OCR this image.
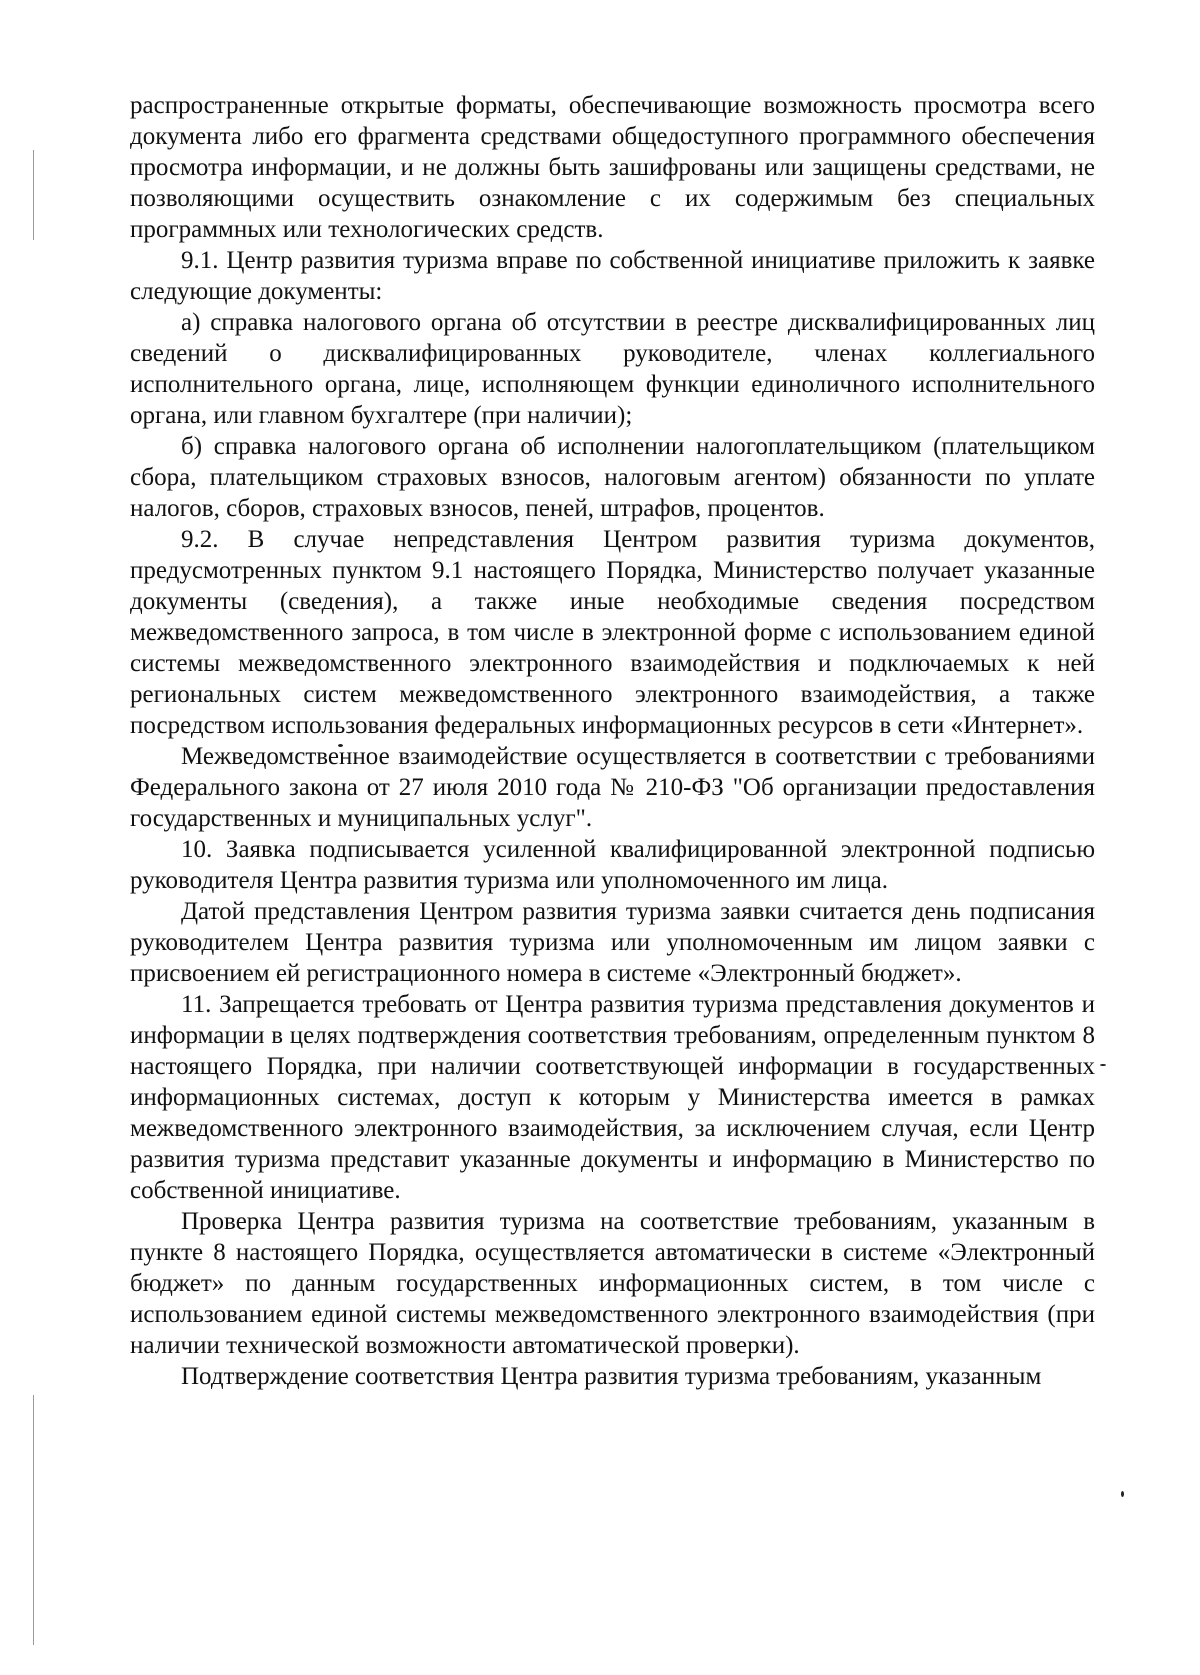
распространенные открытые форматы, обеспечивающие возможность просмотра всего документа либо его фрагмента средствами общедоступного программного обеспечения просмотра информации, и не должны быть зашифрованы или защищены средствами, не позволяющими осуществить ознакомление с их содержимым без специальных программных или технологических средств.

9.1. Центр развития туризма вправе по собственной инициативе приложить к заявке следующие документы:

а) справка налогового органа об отсутствии в реестре дисквалифицированных лиц сведений о дисквалифицированных руководителе, членах коллегиального исполнительного органа, лице, исполняющем функции единоличного исполнительного органа, или главном бухгалтере (при наличии);

б) справка налогового органа об исполнении налогоплательщиком (плательщиком сбора, плательщиком страховых взносов, налоговым агентом) обязанности по уплате налогов, сборов, страховых взносов, пеней, штрафов, процентов.

9.2. В случае непредставления Центром развития туризма документов, предусмотренных пунктом 9.1 настоящего Порядка, Министерство получает указанные документы (сведения), а также иные необходимые сведения посредством межведомственного запроса, в том числе в электронной форме с использованием единой системы межведомственного электронного взаимодействия и подключаемых к ней региональных систем межведомственного электронного взаимодействия, а также посредством использования федеральных информационных ресурсов в сети «Интернет».

Межведомственное взаимодействие осуществляется в соответствии с требованиями Федерального закона от 27 июля 2010 года № 210-ФЗ "Об организации предоставления государственных и муниципальных услуг".

10. Заявка подписывается усиленной квалифицированной электронной подписью руководителя Центра развития туризма или уполномоченного им лица.

Датой представления Центром развития туризма заявки считается день подписания руководителем Центра развития туризма или уполномоченным им лицом заявки с присвоением ей регистрационного номера в системе «Электронный бюджет».

11. Запрещается требовать от Центра развития туризма представления документов и информации в целях подтверждения соответствия требованиям, определенным пунктом 8 настоящего Порядка, при наличии соответствующей информации в государственных информационных системах, доступ к которым у Министерства имеется в рамках межведомственного электронного взаимодействия, за исключением случая, если Центр развития туризма представит указанные документы и информацию в Министерство по собственной инициативе.

Проверка Центра развития туризма на соответствие требованиям, указанным в пункте 8 настоящего Порядка, осуществляется автоматически в системе «Электронный бюджет» по данным государственных информационных систем, в том числе с использованием единой системы межведомственного электронного взаимодействия (при наличии технической возможности автоматической проверки).

Подтверждение соответствия Центра развития туризма требованиям, указанным
